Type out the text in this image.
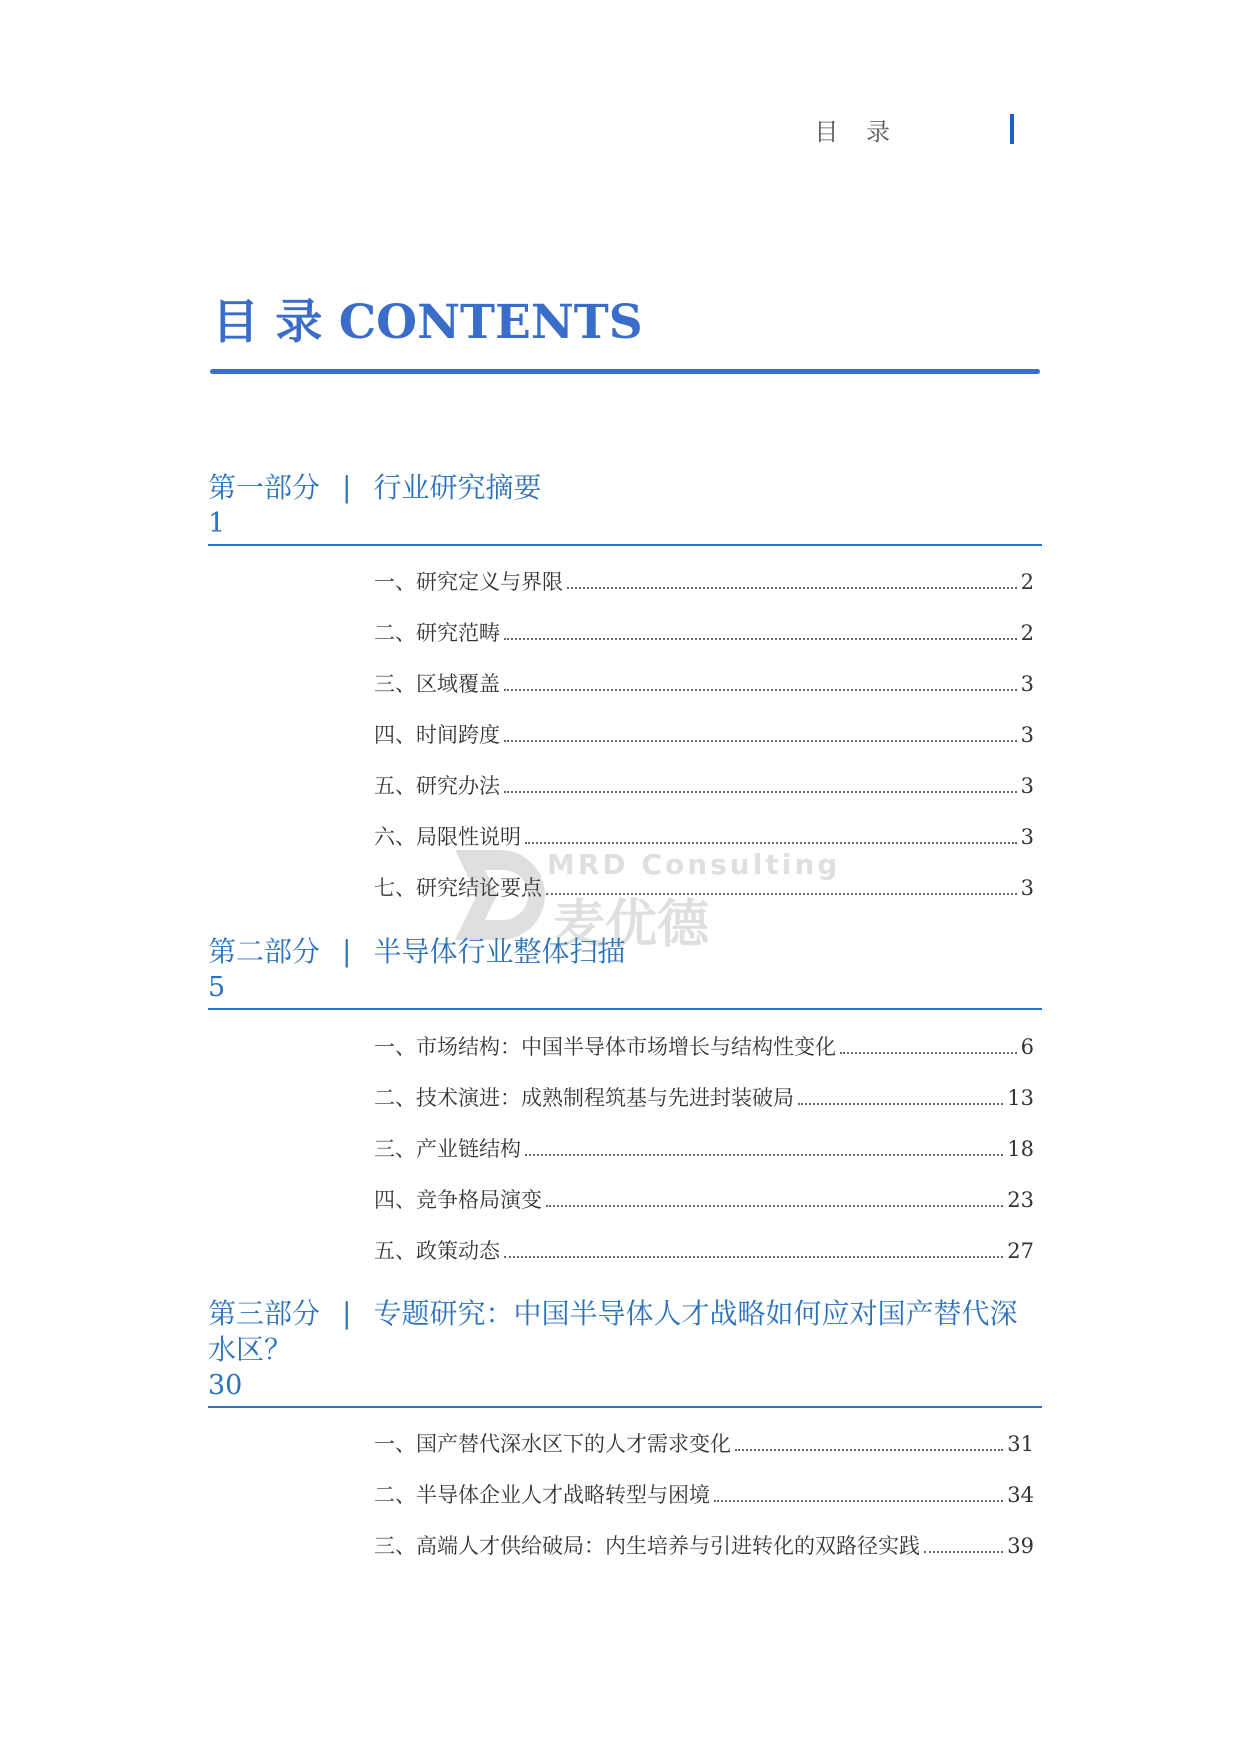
目 录
目 录 CONTENTS
MRD Consulting
麦优德
第一部分 | 行业研究摘要
1
一、研究定义与界限	2
二、研究范畴	2
三、区域覆盖	3
四、时间跨度	3
五、研究办法	3
六、局限性说明	3
七、研究结论要点	3
第二部分 | 半导体行业整体扫描
5
一、市场结构：中国半导体市场增长与结构性变化	6
二、技术演进：成熟制程筑基与先进封装破局	13
三、产业链结构	18
四、竞争格局演变	23
五、政策动态	27
第三部分 | 专题研究：中国半导体人才战略如何应对国产替代深水区？
30
一、国产替代深水区下的人才需求变化	31
二、半导体企业人才战略转型与困境	34
三、高端人才供给破局：内生培养与引进转化的双路径实践	39
